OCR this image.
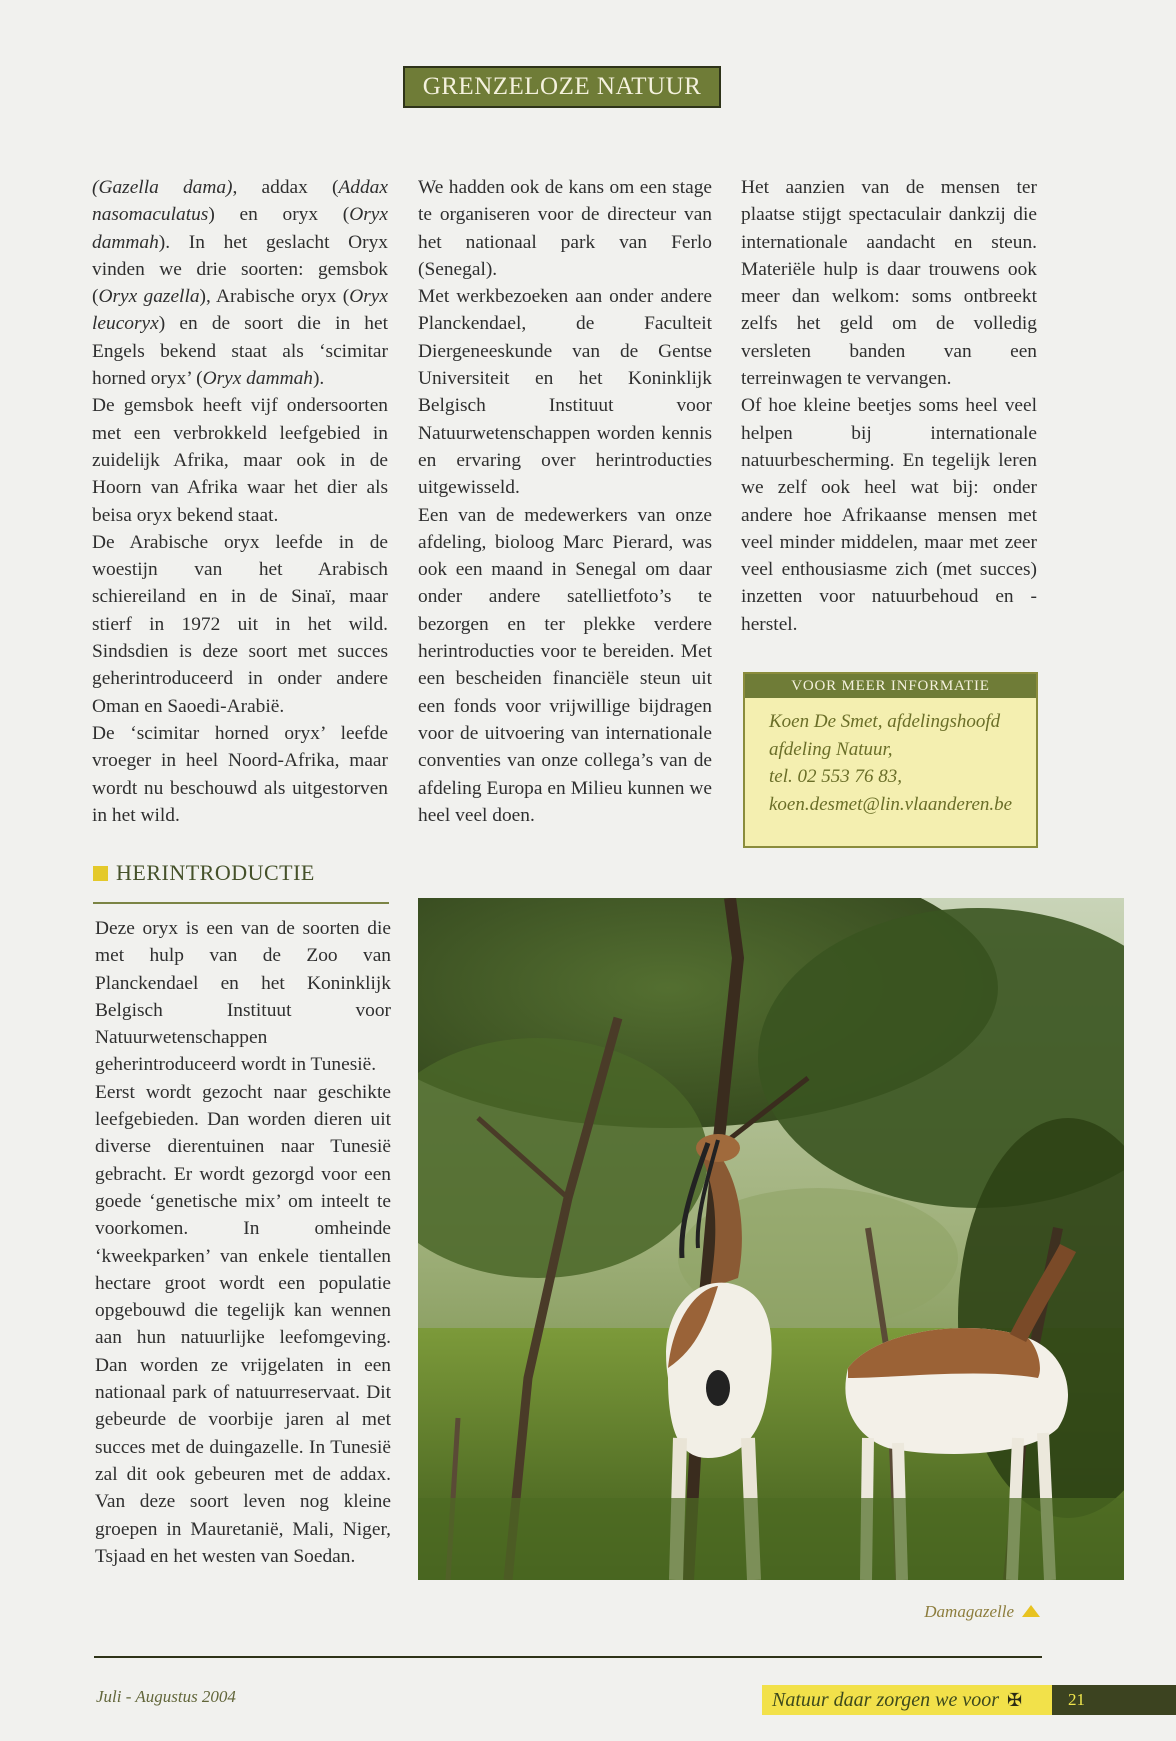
GRENZELOZE NATUUR

(Gazella dama), addax (Addax nasomaculatus) en oryx (Oryx dammah). In het geslacht Oryx vinden we drie soorten: gemsbok (Oryx gazella), Arabische oryx (Oryx leucoryx) en de soort die in het Engels bekend staat als ‘scimitar horned oryx’ (Oryx dammah).

De gemsbok heeft vijf ondersoorten met een verbrokkeld leefgebied in zuidelijk Afrika, maar ook in de Hoorn van Afrika waar het dier als beisa oryx bekend staat.

De Arabische oryx leefde in de woestijn van het Arabisch schiereiland en in de Sinaï, maar stierf in 1972 uit in het wild. Sindsdien is deze soort met succes geherintroduceerd in onder andere Oman en Saoedi-Arabië.

De ‘scimitar horned oryx’ leefde vroeger in heel Noord-Afrika, maar wordt nu beschouwd als uitgestorven in het wild.

We hadden ook de kans om een stage te organiseren voor de directeur van het nationaal park van Ferlo (Senegal).

Met werkbezoeken aan onder andere Planckendael, de Faculteit Diergeneeskunde van de Gentse Universiteit en het Koninklijk Belgisch Instituut voor Natuurwetenschappen worden kennis en ervaring over herintroducties uitgewisseld.

Een van de medewerkers van onze afdeling, bioloog Marc Pierard, was ook een maand in Senegal om daar onder andere satellietfoto’s te bezorgen en ter plekke verdere herintroducties voor te bereiden. Met een bescheiden financiële steun uit een fonds voor vrijwillige bijdragen voor de uitvoering van internationale conventies van onze collega’s van de afdeling Europa en Milieu kunnen we heel veel doen.

Het aanzien van de mensen ter plaatse stijgt spectaculair dankzij die internationale aandacht en steun. Materiële hulp is daar trouwens ook meer dan welkom: soms ontbreekt zelfs het geld om de volledig versleten banden van een terreinwagen te vervangen.

Of hoe kleine beetjes soms heel veel helpen bij internationale natuurbescherming. En tegelijk leren we zelf ook heel wat bij: onder andere hoe Afrikaanse mensen met veel minder middelen, maar met zeer veel enthousiasme zich (met succes) inzetten voor natuurbehoud en -herstel.

VOOR MEER INFORMATIE
Koen De Smet, afdelingshoofd
afdeling Natuur,
tel. 02 553 76 83,
koen.desmet@lin.vlaanderen.be
HERINTRODUCTIE

Deze oryx is een van de soorten die met hulp van de Zoo van Planckendael en het Koninklijk Belgisch Instituut voor Natuurwetenschappen geherintroduceerd wordt in Tunesië.

Eerst wordt gezocht naar geschikte leefgebieden. Dan worden dieren uit diverse dierentuinen naar Tunesië gebracht. Er wordt gezorgd voor een goede ‘genetische mix’ om inteelt te voorkomen. In omheinde ‘kweekparken’ van enkele tientallen hectare groot wordt een populatie opgebouwd die tegelijk kan wennen aan hun natuurlijke leefomgeving. Dan worden ze vrijgelaten in een nationaal park of natuurreservaat. Dit gebeurde de voorbije jaren al met succes met de duingazelle. In Tunesië zal dit ook gebeuren met de addax. Van deze soort leven nog kleine groepen in Mauretanië, Mali, Niger, Tsjaad en het westen van Soedan.

Damagazelle
Juli - Augustus 2004	Natuur daar zorgen we voor ✠	21
